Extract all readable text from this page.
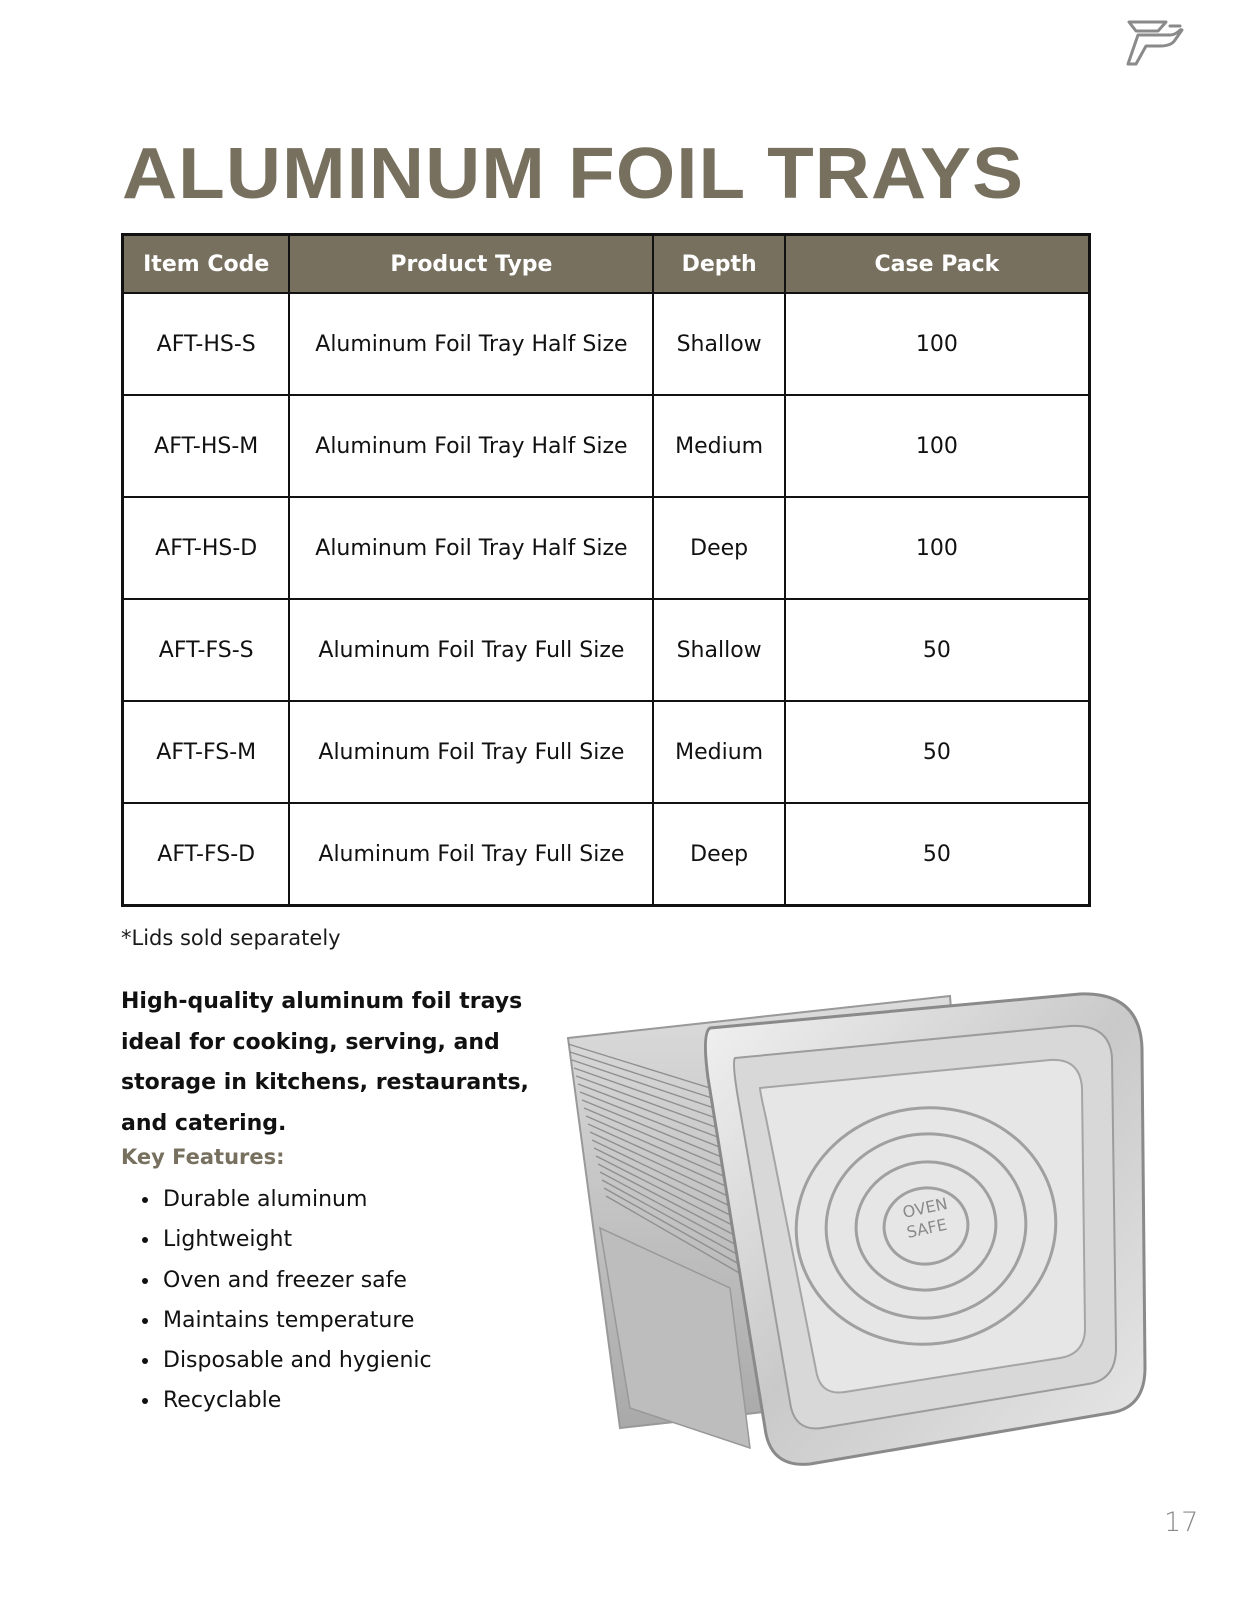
ALUMINUM FOIL TRAYS
Item Code	Product Type	Depth	Case Pack
AFT-HS-S	Aluminum Foil Tray Half Size	Shallow	100
AFT-HS-M	Aluminum Foil Tray Half Size	Medium	100
AFT-HS-D	Aluminum Foil Tray Half Size	Deep	100
AFT-FS-S	Aluminum Foil Tray Full Size	Shallow	50
AFT-FS-M	Aluminum Foil Tray Full Size	Medium	50
AFT-FS-D	Aluminum Foil Tray Full Size	Deep	50
*Lids sold separately
High-quality aluminum foil trays ideal for cooking, serving, and storage in kitchens, restaurants, and catering.
Key Features:
• Durable aluminum
• Lightweight
• Oven and freezer safe
• Maintains temperature
• Disposable and hygienic
• Recyclable
OVEN
SAFE
17
